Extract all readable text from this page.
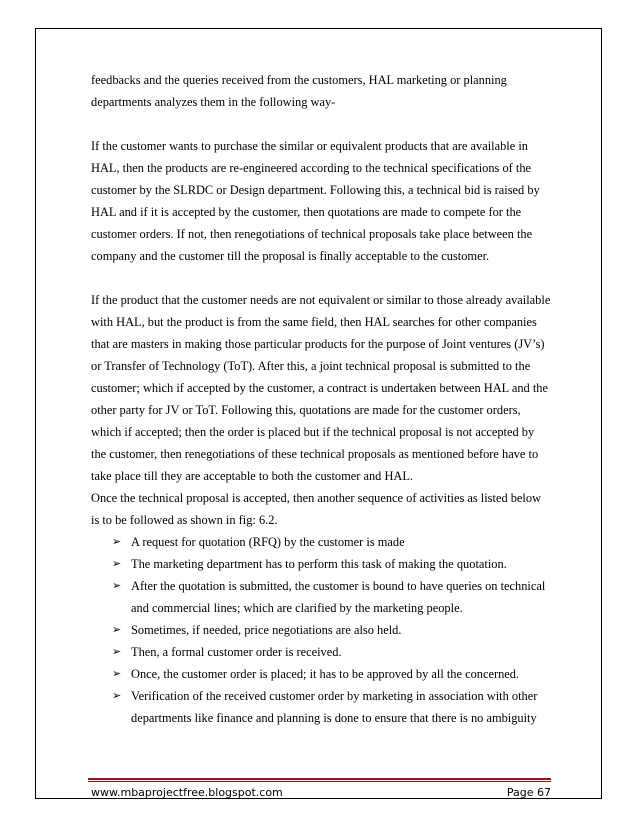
feedbacks and the queries received from the customers, HAL marketing or planning departments analyzes them in the following way-

If the customer wants to purchase the similar or equivalent products that are available in HAL, then the products are re-engineered according to the technical specifications of the customer by the SLRDC or Design department. Following this, a technical bid is raised by HAL and if it is accepted by the customer, then quotations are made to compete for the customer orders. If not, then renegotiations of technical proposals take place between the company and the customer till the proposal is finally acceptable to the customer.

If the product that the customer needs are not equivalent or similar to those already available with HAL, but the product is from the same field, then HAL searches for other companies that are masters in making those particular products for the purpose of Joint ventures (JV’s) or Transfer of Technology (ToT). After this, a joint technical proposal is submitted to the customer; which if accepted by the customer, a contract is undertaken between HAL and the other party for JV or ToT. Following this, quotations are made for the customer orders, which if accepted; then the order is placed but if the technical proposal is not accepted by the customer, then renegotiations of these technical proposals as mentioned before have to take place till they are acceptable to both the customer and HAL.

Once the technical proposal is accepted, then another sequence of activities as listed below is to be followed as shown in fig: 6.2.

➢ A request for quotation (RFQ) by the customer is made
➢ The marketing department has to perform this task of making the quotation.
➢ After the quotation is submitted, the customer is bound to have queries on technical and commercial lines; which are clarified by the marketing people.
➢ Sometimes, if needed, price negotiations are also held.
➢ Then, a formal customer order is received.
➢ Once, the customer order is placed; it has to be approved by all the concerned.
➢ Verification of the received customer order by marketing in association with other departments like finance and planning is done to ensure that there is no ambiguity
www.mbaprojectfree.blogspot.com	Page 67
